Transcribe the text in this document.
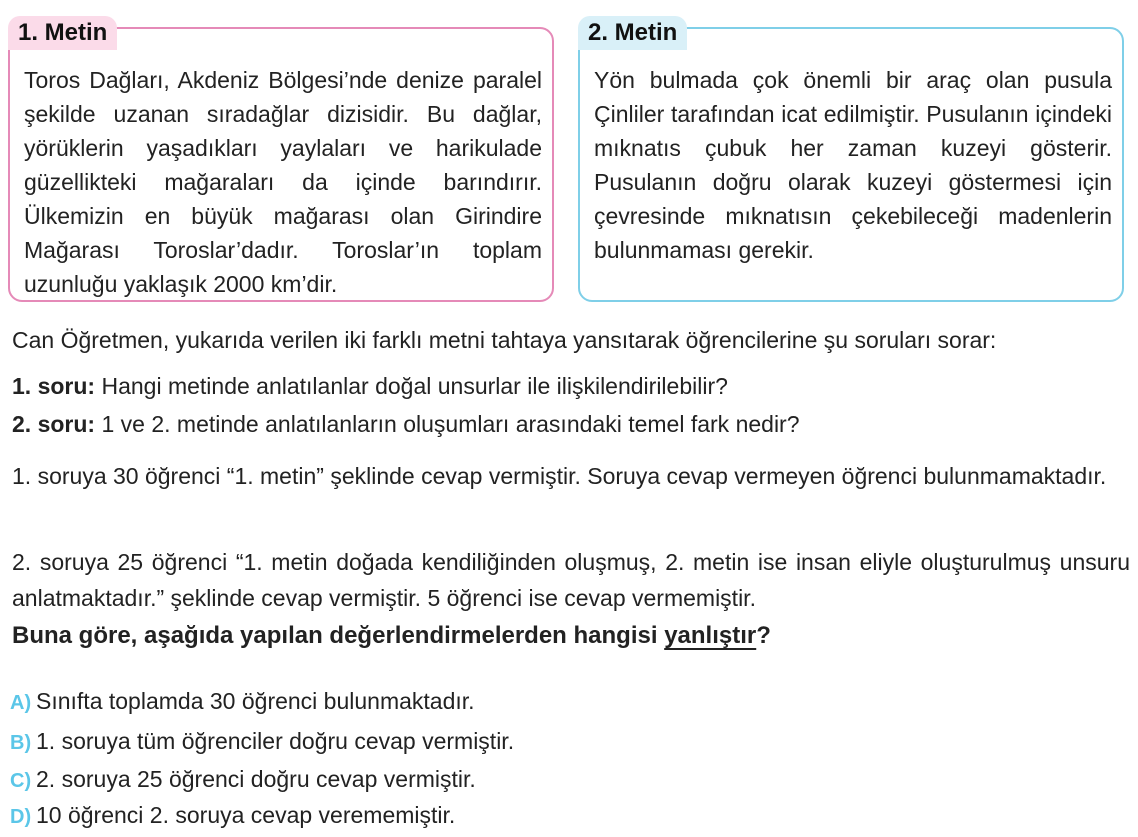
1. Metin
Toros Dağları, Akdeniz Bölgesi’nde denize paralel şekilde uzanan sıradağlar dizisidir. Bu dağlar, yörüklerin yaşadıkları yaylaları ve harikulade güzellikteki mağaraları da içinde barındırır. Ülkemizin en büyük mağarası olan Girindire Mağarası Toroslar’dadır. Toroslar’ın toplam uzunluğu yaklaşık 2000 km’dir.
2. Metin
Yön bulmada çok önemli bir araç olan pusula Çinliler tarafından icat edilmiştir. Pusulanın içindeki mıknatıs çubuk her zaman kuzeyi gösterir. Pusulanın doğru olarak kuzeyi göstermesi için çevresinde mıknatısın çekebileceği madenlerin bulunmaması gerekir.
Can Öğretmen, yukarıda verilen iki farklı metni tahtaya yansıtarak öğrencilerine şu soruları sorar:
1. soru: Hangi metinde anlatılanlar doğal unsurlar ile ilişkilendirilebilir?
2. soru: 1 ve 2. metinde anlatılanların oluşumları arasındaki temel fark nedir?
1. soruya 30 öğrenci “1. metin” şeklinde cevap vermiştir. Soruya cevap vermeyen öğrenci bulunmamaktadır.
2. soruya 25 öğrenci “1. metin doğada kendiliğinden oluşmuş, 2. metin ise insan eliyle oluşturulmuş unsuru anlatmaktadır.” şeklinde cevap vermiştir. 5 öğrenci ise cevap vermemiştir.
Buna göre, aşağıda yapılan değerlendirmelerden hangisi yanlıştır?
A) Sınıfta toplamda 30 öğrenci bulunmaktadır.
B) 1. soruya tüm öğrenciler doğru cevap vermiştir.
C) 2. soruya 25 öğrenci doğru cevap vermiştir.
D) 10 öğrenci 2. soruya cevap verememiştir.
